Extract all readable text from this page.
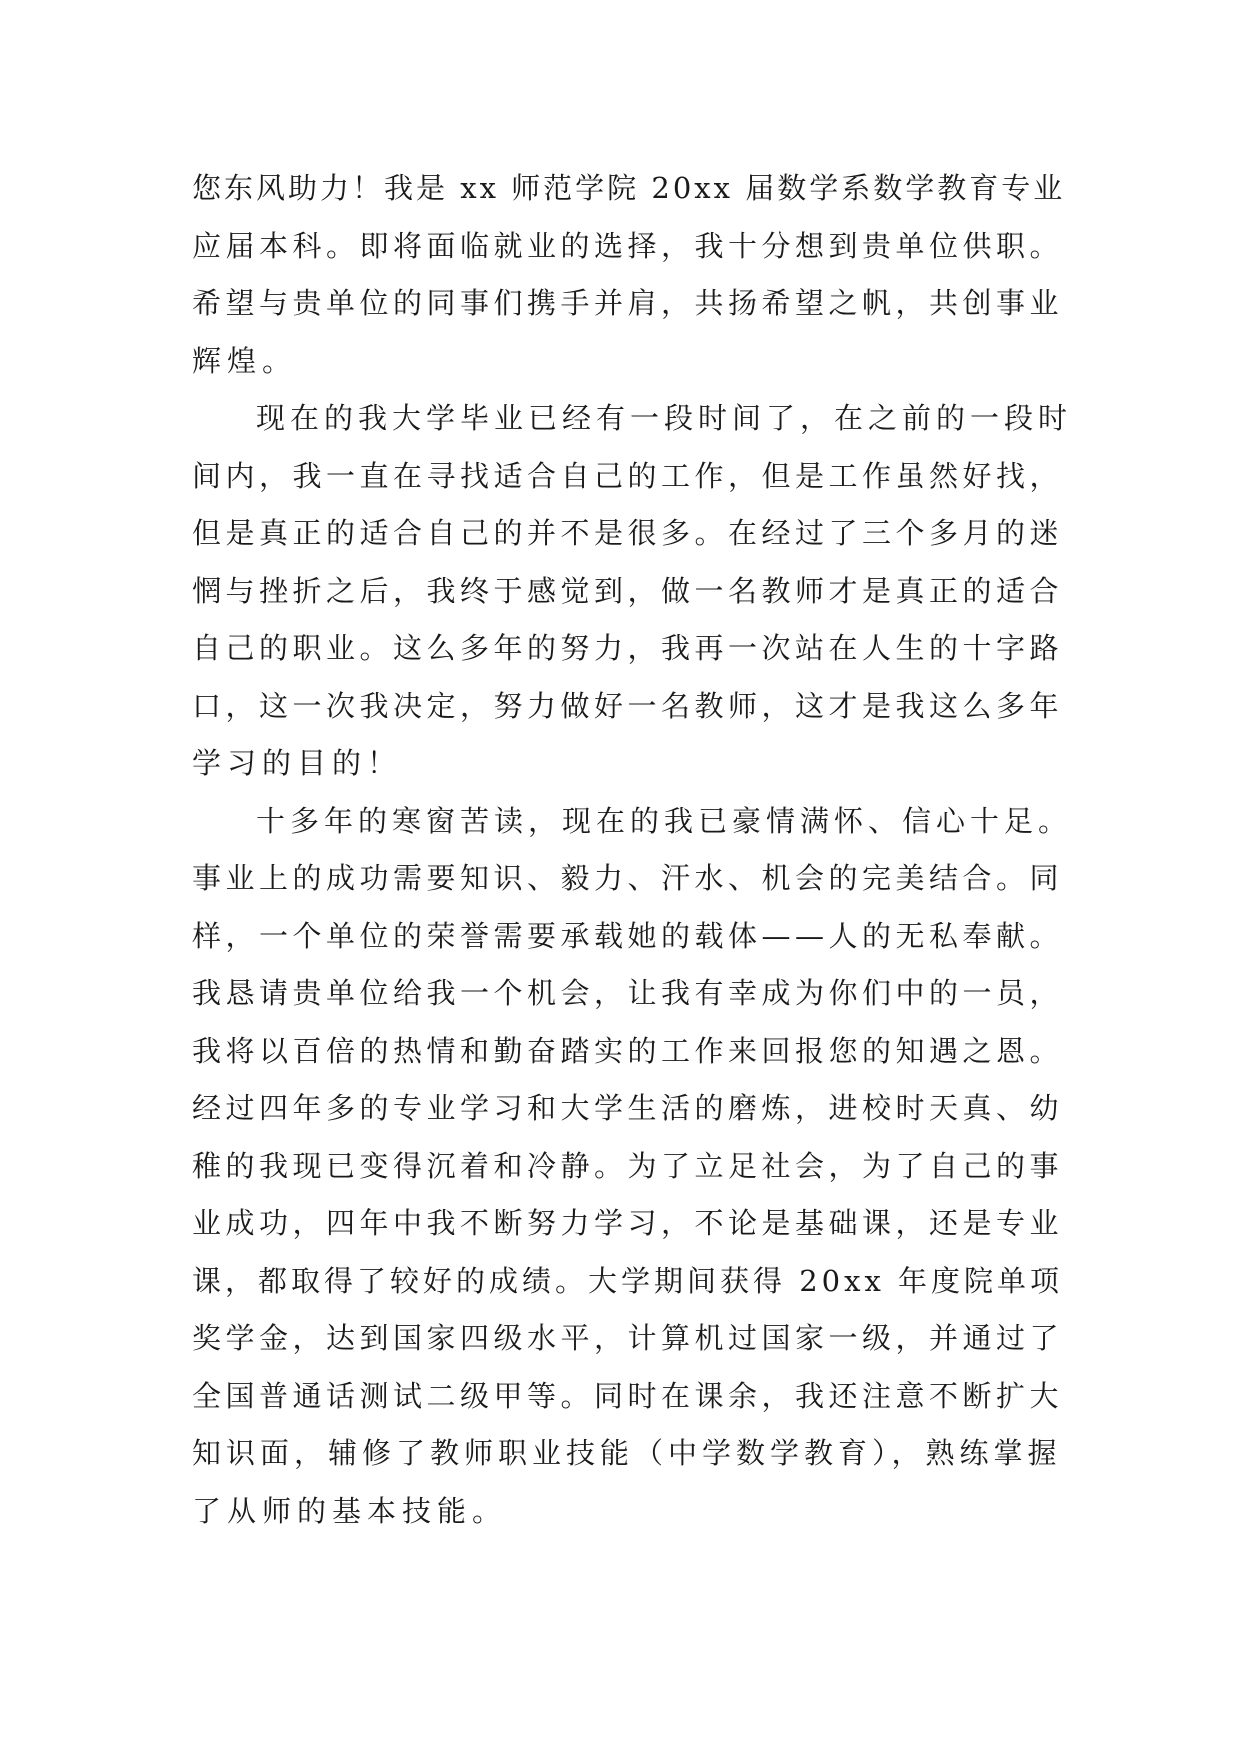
您东风助力！我是 xx 师范学院 20xx 届数学系数学教育专业
应届本科。即将面临就业的选择，我十分想到贵单位供职。
希望与贵单位的同事们携手并肩，共扬希望之帆，共创事业
辉煌。
现在的我大学毕业已经有一段时间了，在之前的一段时
间内，我一直在寻找适合自己的工作，但是工作虽然好找，
但是真正的适合自己的并不是很多。在经过了三个多月的迷
惘与挫折之后，我终于感觉到，做一名教师才是真正的适合
自己的职业。这么多年的努力，我再一次站在人生的十字路
口，这一次我决定，努力做好一名教师，这才是我这么多年
学习的目的！
十多年的寒窗苦读，现在的我已豪情满怀、信心十足。
事业上的成功需要知识、毅力、汗水、机会的完美结合。同
样，一个单位的荣誉需要承载她的载体——人的无私奉献。
我恳请贵单位给我一个机会，让我有幸成为你们中的一员，
我将以百倍的热情和勤奋踏实的工作来回报您的知遇之恩。
经过四年多的专业学习和大学生活的磨炼，进校时天真、幼
稚的我现已变得沉着和冷静。为了立足社会，为了自己的事
业成功，四年中我不断努力学习，不论是基础课，还是专业
课，都取得了较好的成绩。大学期间获得 20xx 年度院单项
奖学金，达到国家四级水平，计算机过国家一级，并通过了
全国普通话测试二级甲等。同时在课余，我还注意不断扩大
知识面，辅修了教师职业技能（中学数学教育），熟练掌握
了从师的基本技能。
